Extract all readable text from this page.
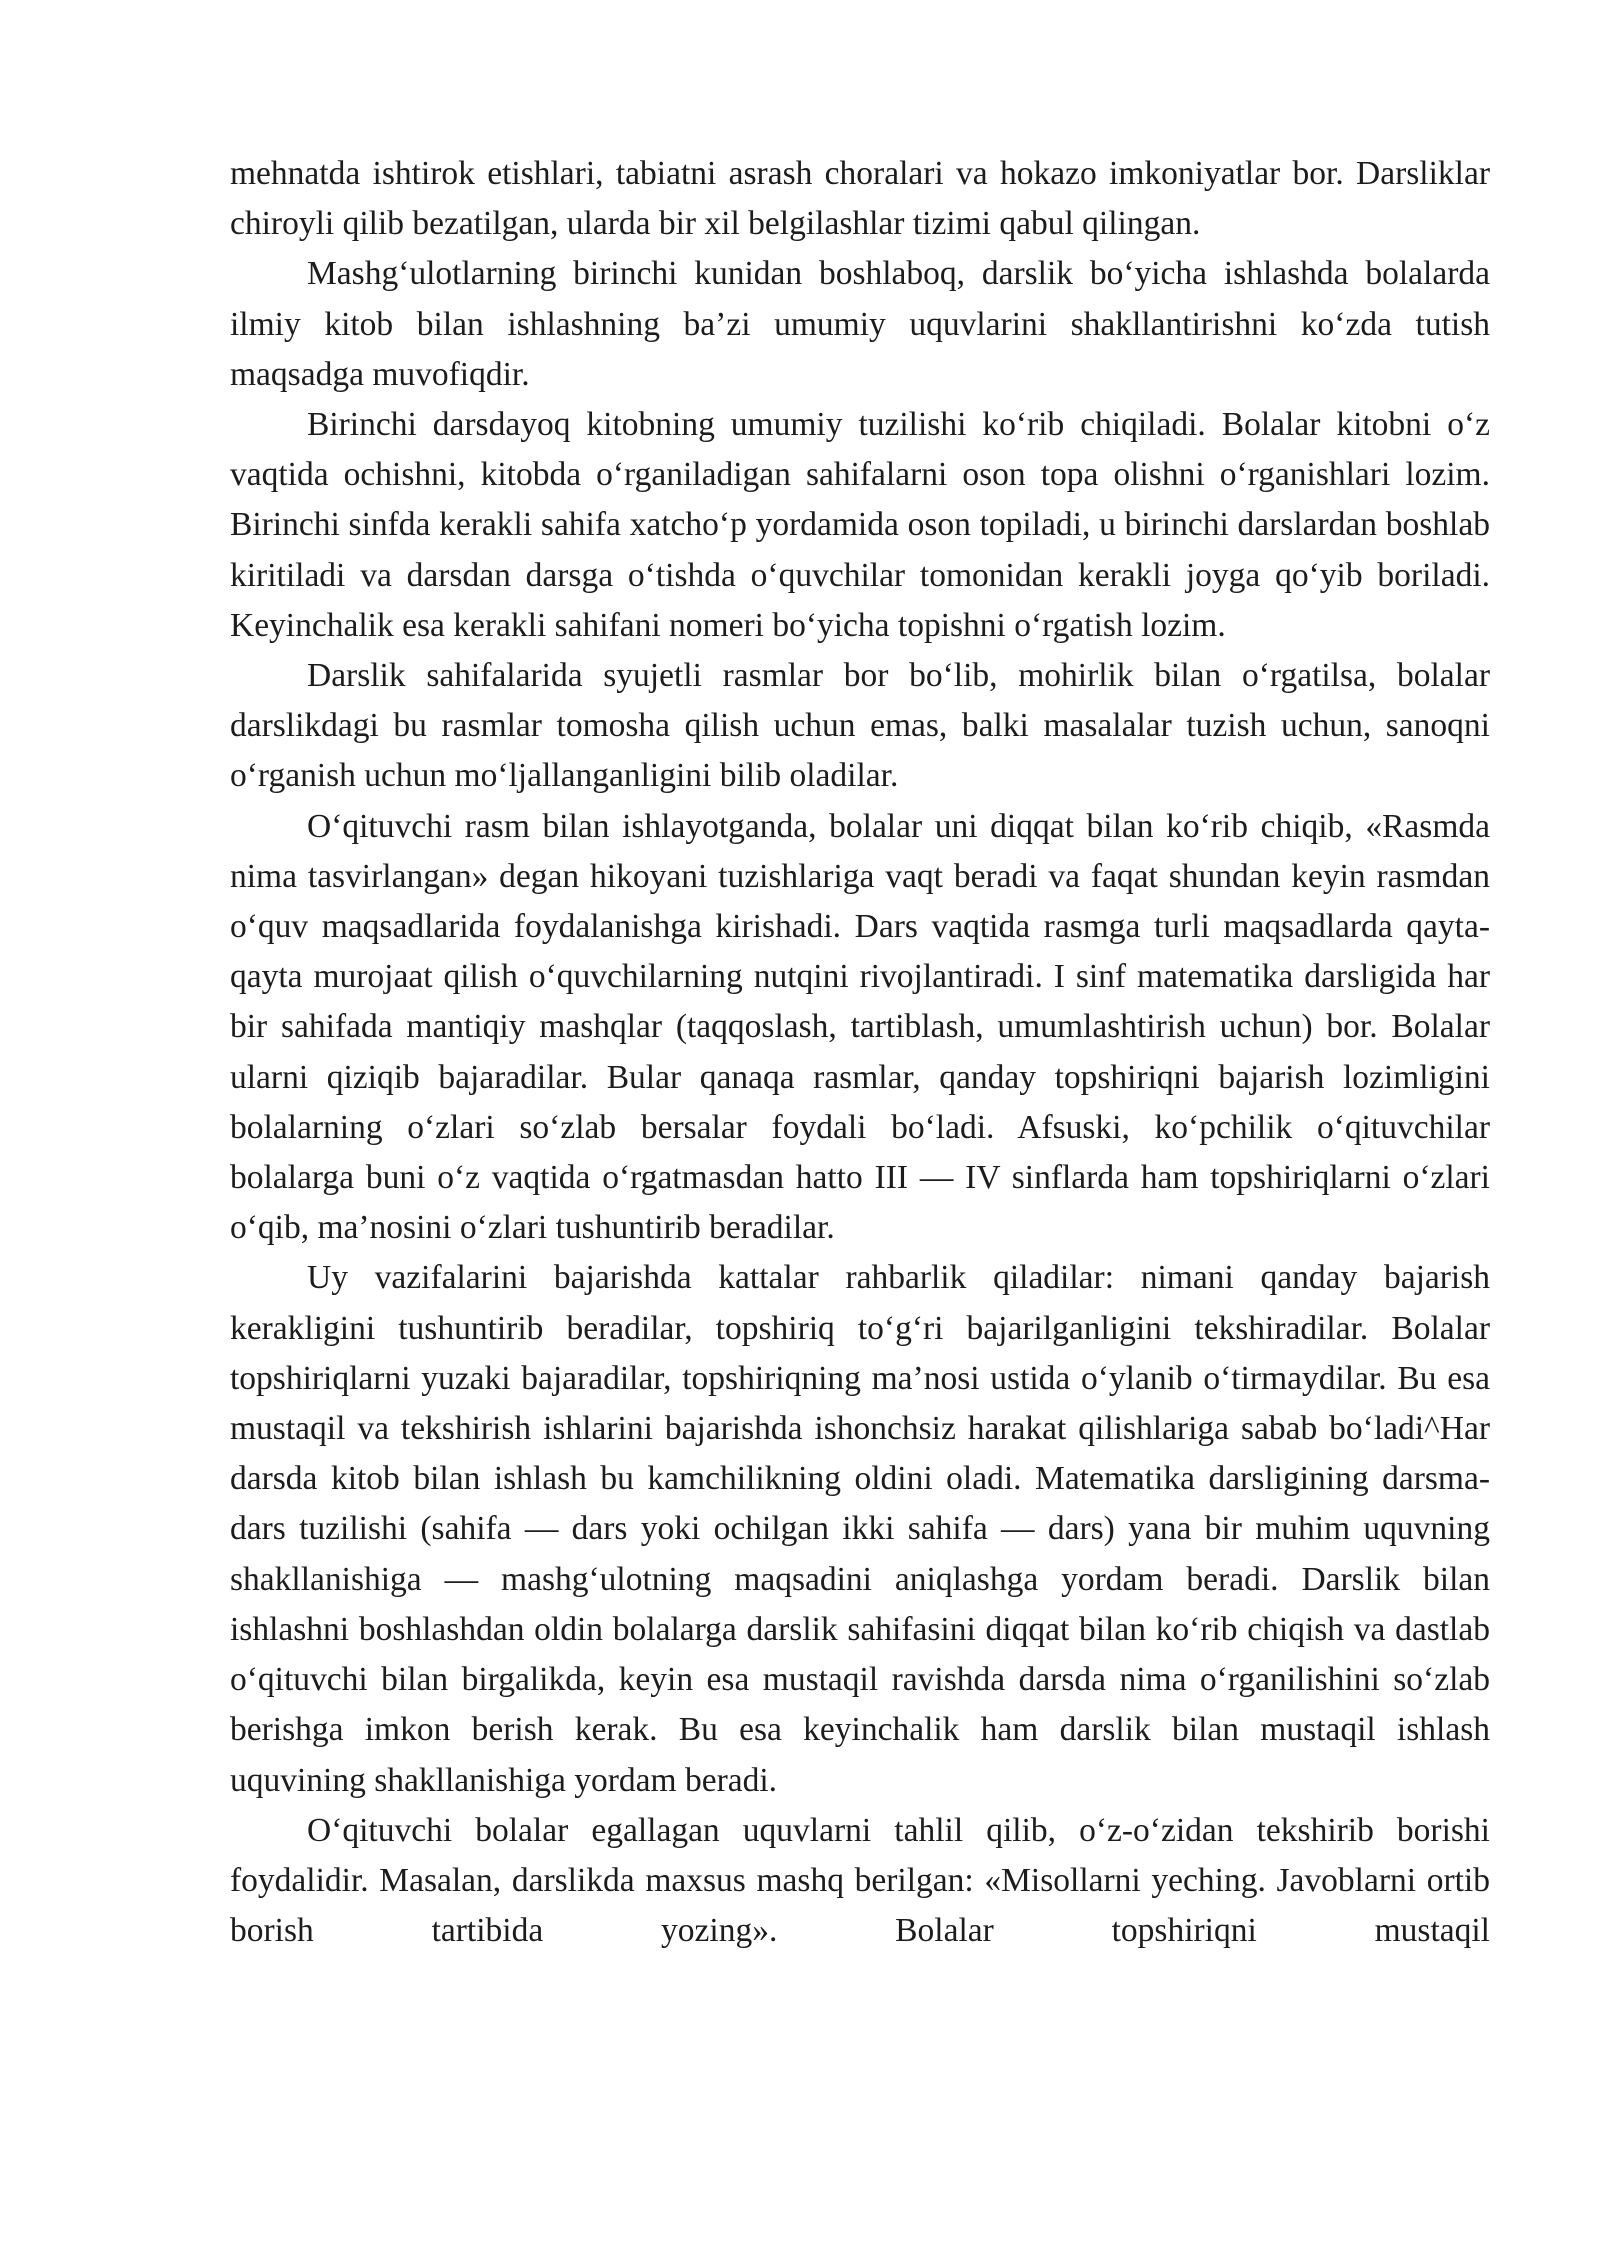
mehnatda ishtirok etishlari, tabiatni asrash choralari va hokazo imkoniyatlar bor. Darsliklar chiroyli qilib bezatilgan, ularda bir xil belgilashlar tizimi qabul qilingan.

Mashg‘ulotlarning birinchi kunidan boshlaboq, darslik bo‘yicha ishlashda bolalarda ilmiy kitob bilan ishlashning ba’zi umumiy uquvlarini shakllantirishni ko‘zda tutish maqsadga muvofiqdir.

Birinchi darsdayoq kitobning umumiy tuzilishi ko‘rib chiqiladi. Bolalar kitobni o‘z vaqtida ochishni, kitobda o‘rganiladigan sahifalarni oson topa olishni o‘rganishlari lozim. Birinchi sinfda kerakli sahifa xatcho‘p yordamida oson topiladi, u birinchi darslardan boshlab kiritiladi va darsdan darsga o‘tishda o‘quvchilar tomonidan kerakli joyga qo‘yib boriladi. Keyinchalik esa kerakli sahifani nomeri bo‘yicha topishni o‘rgatish lozim.

Darslik sahifalarida syujetli rasmlar bor bo‘lib, mohirlik bilan o‘rgatilsa, bolalar darslikdagi bu rasmlar tomosha qilish uchun emas, balki masalalar tuzish uchun, sanoqni o‘rganish uchun mo‘ljallanganligini bilib oladilar.

O‘qituvchi rasm bilan ishlayotganda, bolalar uni diqqat bilan ko‘rib chiqib, «Rasmda nima tasvirlangan» degan hikoyani tuzishlariga vaqt beradi va faqat shundan keyin rasmdan o‘quv maqsadlarida foydalanishga kirishadi. Dars vaqtida rasmga turli maqsadlarda qayta-qayta murojaat qilish o‘quvchilarning nutqini rivojlantiradi. I sinf matematika darsligida har bir sahifada mantiqiy mashqlar (taqqoslash, tartiblash, umumlashtirish uchun) bor. Bolalar ularni qiziqib bajaradilar. Bular qanaqa rasmlar, qanday topshiriqni bajarish lozimligini bolalarning o‘zlari so‘zlab bersalar foydali bo‘ladi. Afsuski, ko‘pchilik o‘qituvchilar bolalarga buni o‘z vaqtida o‘rgatmasdan hatto III — IV sinflarda ham topshiriqlarni o‘zlari o‘qib, ma’nosini o‘zlari tushuntirib beradilar.

Uy vazifalarini bajarishda kattalar rahbarlik qiladilar: nimani qanday bajarish kerakligini tushuntirib beradilar, topshiriq to‘g‘ri bajarilganligini tekshiradilar. Bolalar topshiriqlarni yuzaki bajaradilar, topshiriqning ma’nosi ustida o‘ylanib o‘tirmaydilar. Bu esa mustaqil va tekshirish ishlarini bajarishda ishonchsiz harakat qilishlariga sabab bo‘ladi^Har darsda kitob bilan ishlash bu kamchilikning oldini oladi. Matematika darsligining darsma-dars tuzilishi (sahifa — dars yoki ochilgan ikki sahifa — dars) yana bir muhim uquvning shakllanishiga — mashg‘ulotning maqsadini aniqlashga yordam beradi. Darslik bilan ishlashni boshlashdan oldin bolalarga darslik sahifasini diqqat bilan ko‘rib chiqish va dastlab o‘qituvchi bilan birgalikda, keyin esa mustaqil ravishda darsda nima o‘rganilishini so‘zlab berishga imkon berish kerak. Bu esa keyinchalik ham darslik bilan mustaqil ishlash uquvining shakllanishiga yordam beradi.

O‘qituvchi bolalar egallagan uquvlarni tahlil qilib, o‘z-o‘zidan tekshirib borishi foydalidir. Masalan, darslikda maxsus mashq berilgan: «Misollarni yeching. Javoblarni ortib borish tartibida yozing». Bolalar topshiriqni mustaqil
